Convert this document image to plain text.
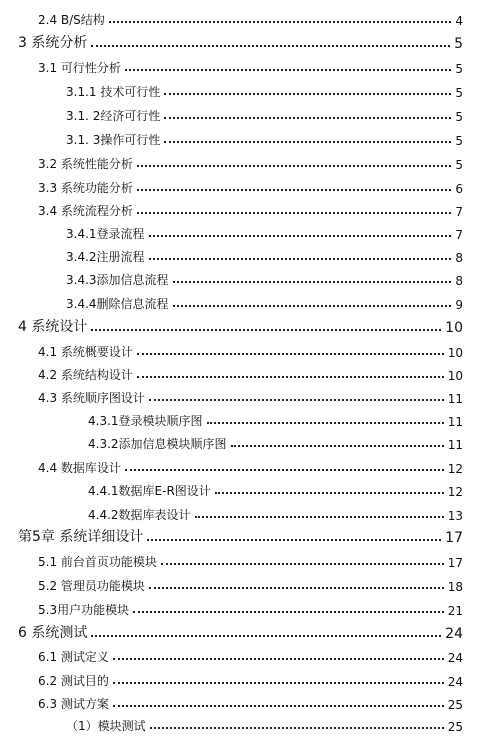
2.4 B/S结构	4
3 系统分析	5
3.1 可行性分析	5
3.1.1 技术可行性	5
3.1. 2经济可行性	5
3.1. 3操作可行性	5
3.2 系统性能分析	5
3.3 系统功能分析	6
3.4 系统流程分析	7
3.4.1登录流程	7
3.4.2注册流程	8
3.4.3添加信息流程	8
3.4.4删除信息流程	9
4 系统设计	10
4.1 系统概要设计	10
4.2 系统结构设计	10
4.3 系统顺序图设计	11
4.3.1登录模块顺序图	11
4.3.2添加信息模块顺序图	11
4.4 数据库设计	12
4.4.1数据库E-R图设计	12
4.4.2数据库表设计	13
第5章 系统详细设计	17
5.1 前台首页功能模块	17
5.2 管理员功能模块	18
5.3用户功能模块	21
6 系统测试	24
6.1 测试定义	24
6.2 测试目的	24
6.3 测试方案	25
（1）模块测试	25
